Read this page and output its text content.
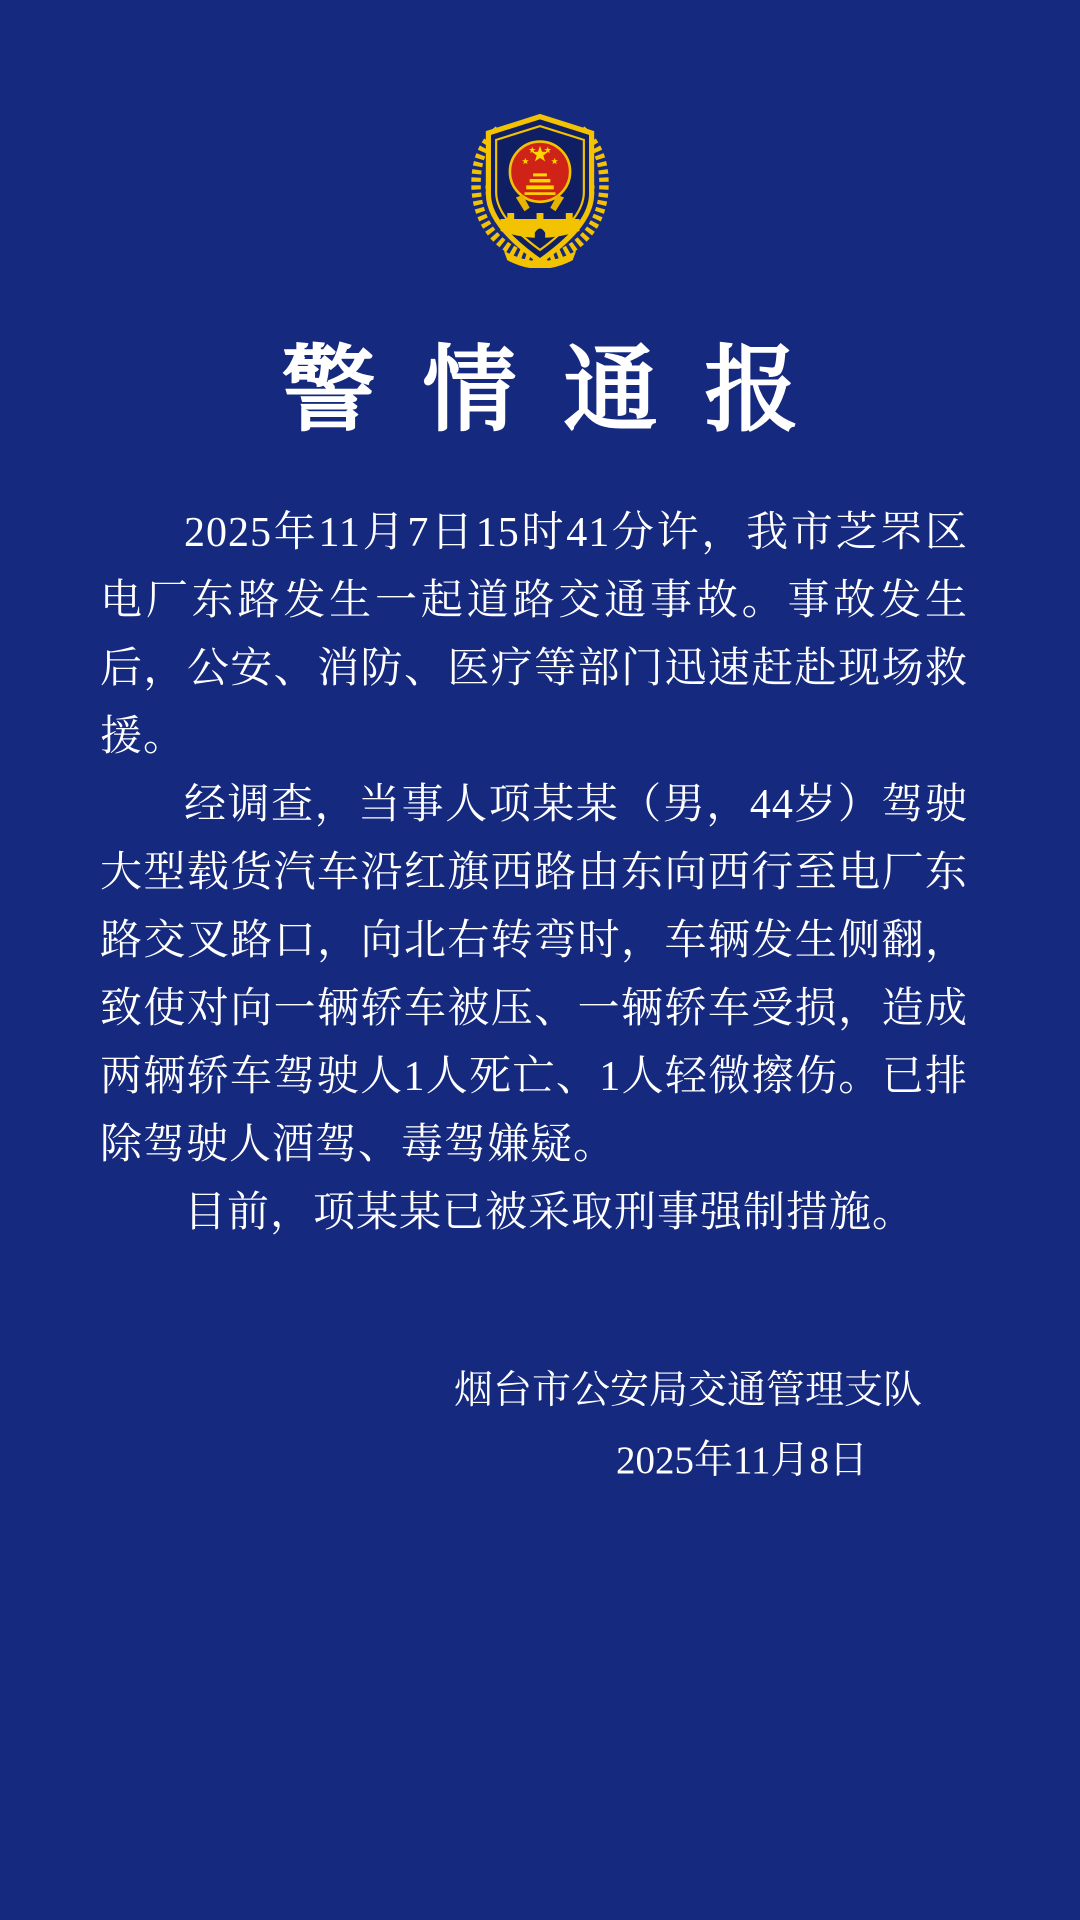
警情通报

2025年11月7日15时41分许，我市芝罘区电厂东路发生一起道路交通事故。事故发生后，公安、消防、医疗等部门迅速赶赴现场救援。

经调查，当事人项某某（男，44岁）驾驶大型载货汽车沿红旗西路由东向西行至电厂东路交叉路口，向北右转弯时，车辆发生侧翻，致使对向一辆轿车被压、一辆轿车受损，造成两辆轿车驾驶人1人死亡、1人轻微擦伤。已排除驾驶人酒驾、毒驾嫌疑。

目前，项某某已被采取刑事强制措施。

烟台市公安局交通管理支队
2025年11月8日
